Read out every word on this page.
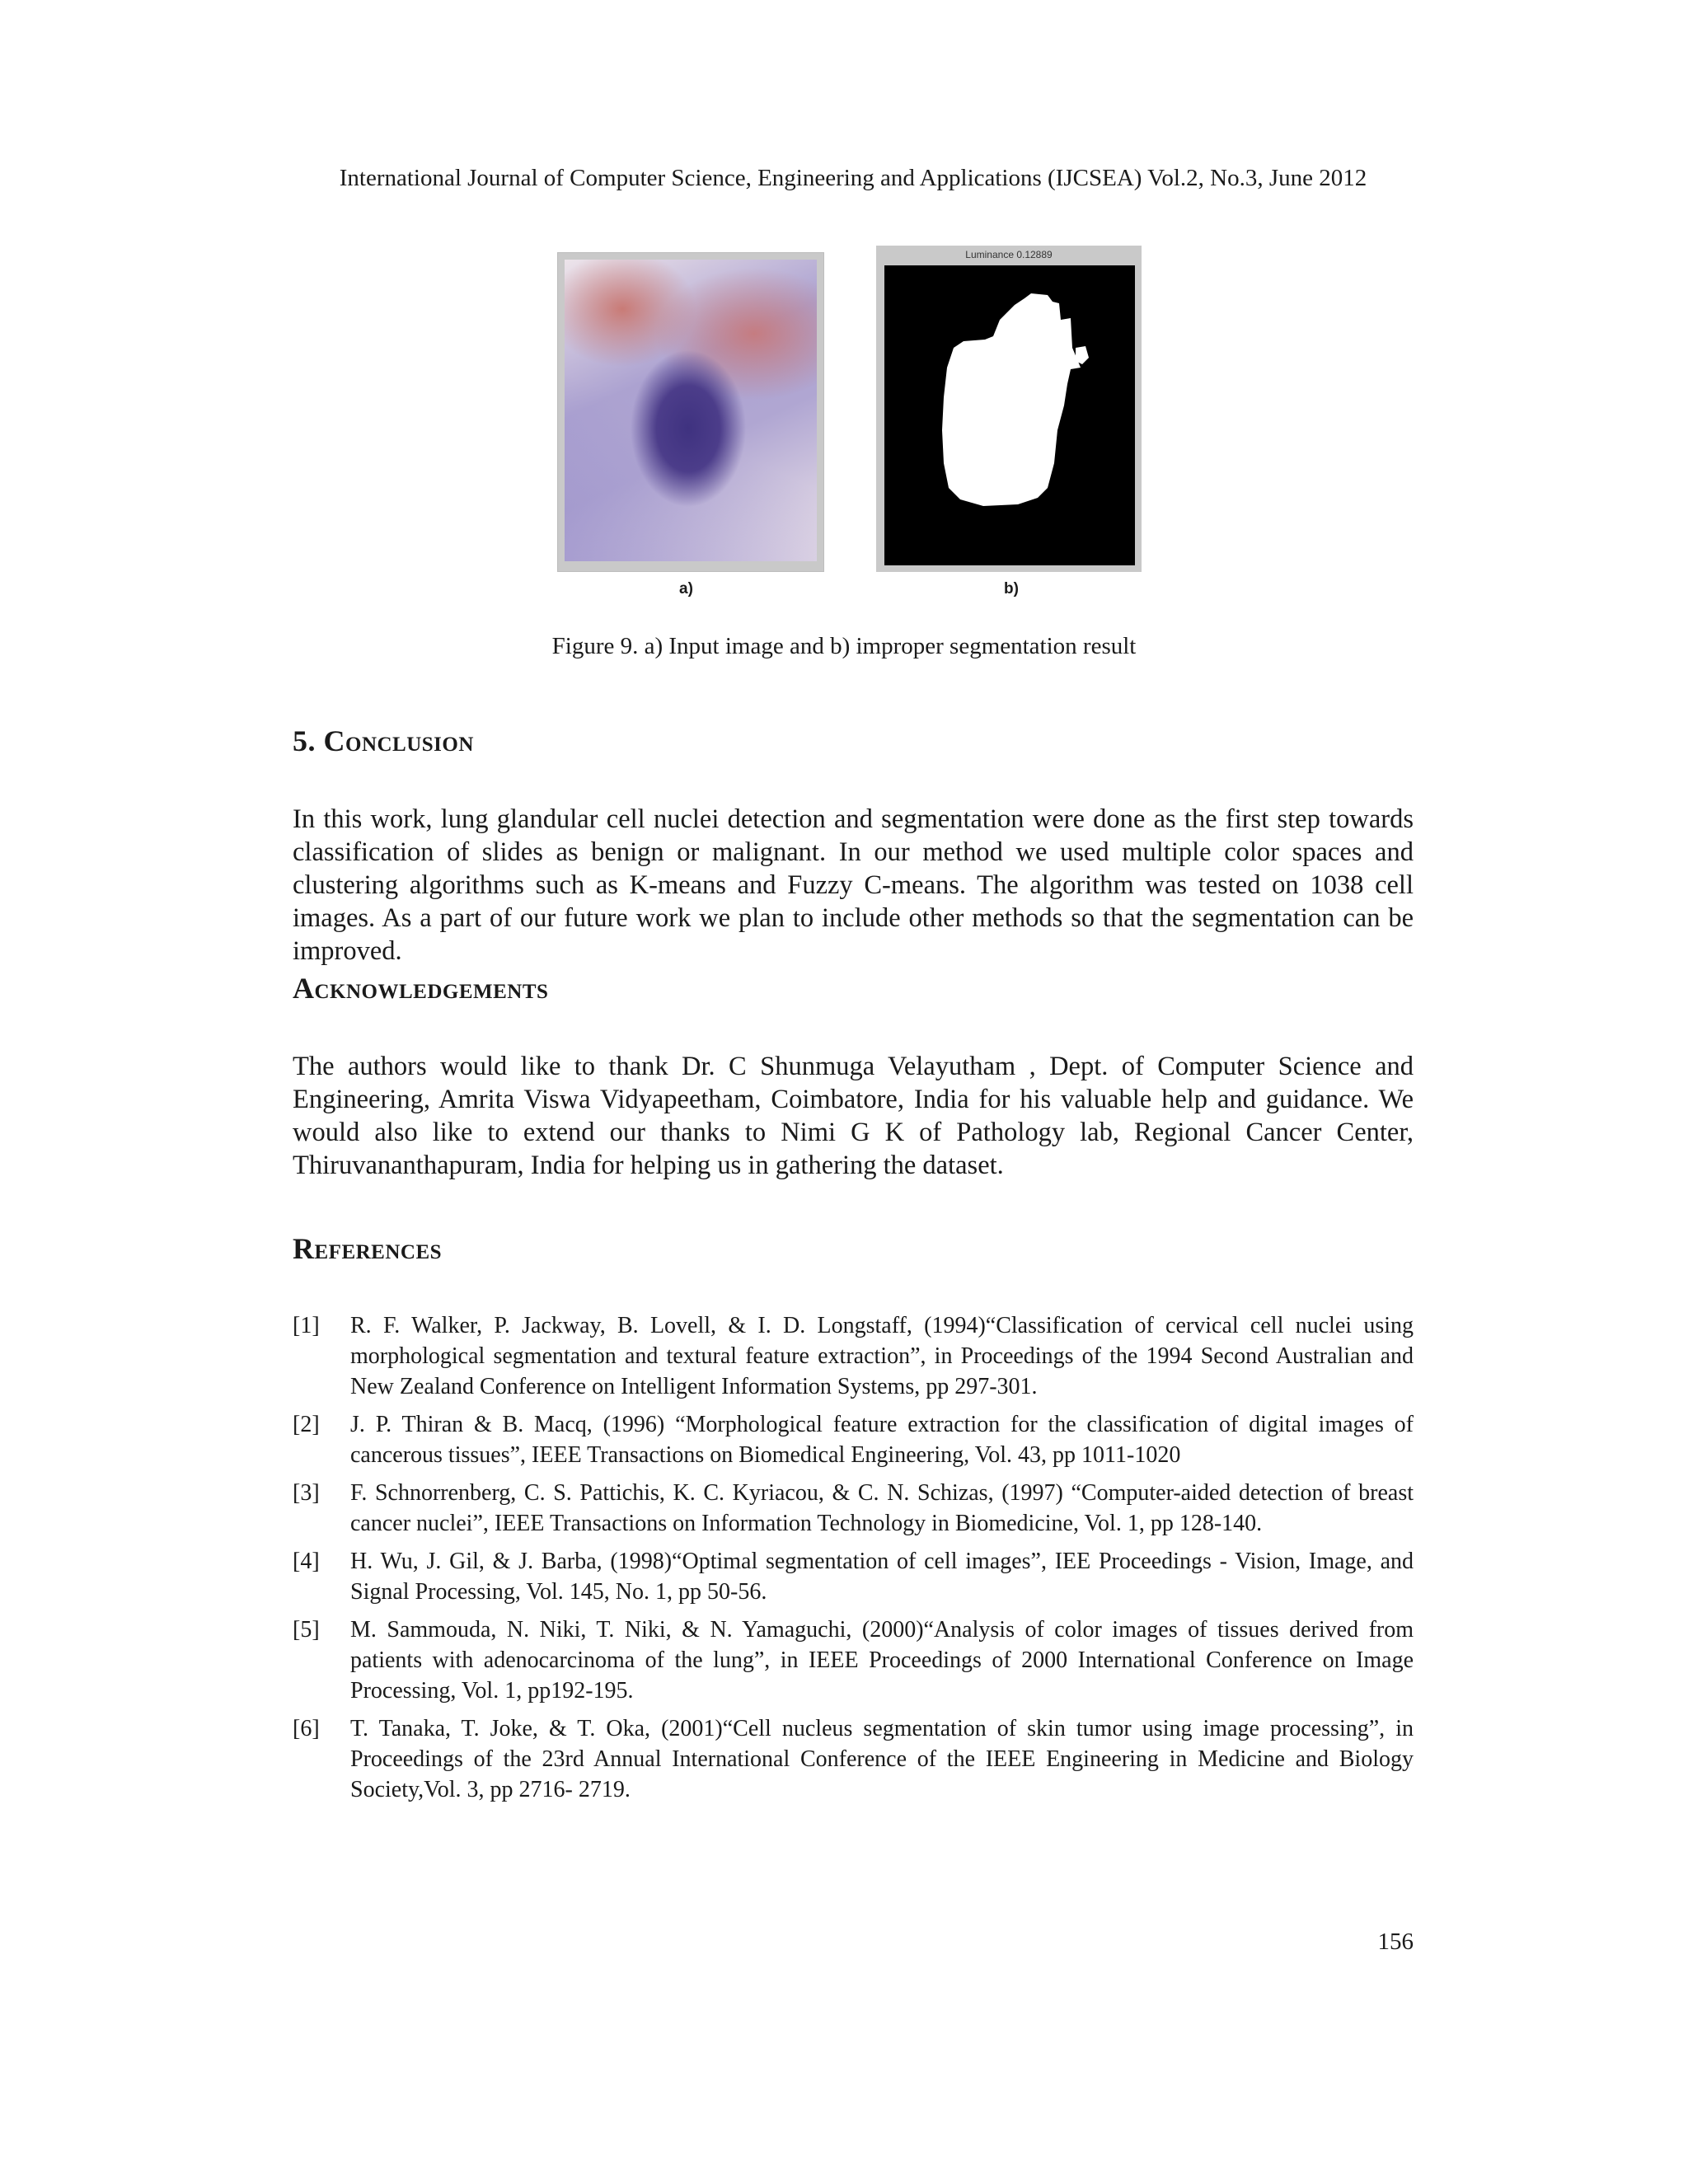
International Journal of Computer Science, Engineering and Applications (IJCSEA) Vol.2, No.3, June 2012
Luminance 0.12889
a)	b)
Figure 9. a) Input image and b) improper segmentation result
5. Conclusion
In this work, lung glandular cell nuclei detection and segmentation were done as the first step towards classification of slides as benign or malignant. In our method we used multiple color spaces and clustering algorithms such as K-means and Fuzzy C-means. The algorithm was tested on 1038 cell images. As a part of our future work we plan to include other methods so that the segmentation can be improved.
Acknowledgements
The authors would like to thank Dr. C Shunmuga Velayutham , Dept. of Computer Science and Engineering, Amrita Viswa Vidyapeetham, Coimbatore, India for his valuable help and guidance. We would also like to extend our thanks to Nimi G K of Pathology lab, Regional Cancer Center, Thiruvananthapuram, India for helping us in gathering the dataset.
References
[1]	R. F. Walker, P. Jackway, B. Lovell, & I. D. Longstaff, (1994)“Classification of cervical cell nuclei using morphological segmentation and textural feature extraction”, in Proceedings of the 1994 Second Australian and New Zealand Conference on Intelligent Information Systems, pp 297-301.
[2]	J. P. Thiran & B. Macq, (1996) “Morphological feature extraction for the classification of digital images of cancerous tissues”, IEEE Transactions on Biomedical Engineering, Vol. 43, pp 1011-1020
[3]	F. Schnorrenberg, C. S. Pattichis, K. C. Kyriacou, & C. N. Schizas, (1997) “Computer-aided detection of breast cancer nuclei”, IEEE Transactions on Information Technology in Biomedicine, Vol. 1, pp 128-140.
[4]	H. Wu, J. Gil, & J. Barba, (1998)“Optimal segmentation of cell images”, IEE Proceedings - Vision, Image, and Signal Processing, Vol. 145, No. 1, pp 50-56.
[5]	M. Sammouda, N. Niki, T. Niki, & N. Yamaguchi, (2000)“Analysis of color images of tissues derived from patients with adenocarcinoma of the lung”, in IEEE Proceedings of 2000 International Conference on Image Processing, Vol. 1, pp192-195.
[6]	T. Tanaka, T. Joke, & T. Oka, (2001)“Cell nucleus segmentation of skin tumor using image processing”, in Proceedings of the 23rd Annual International Conference of the IEEE Engineering in Medicine and Biology Society,Vol. 3, pp 2716- 2719.
156
